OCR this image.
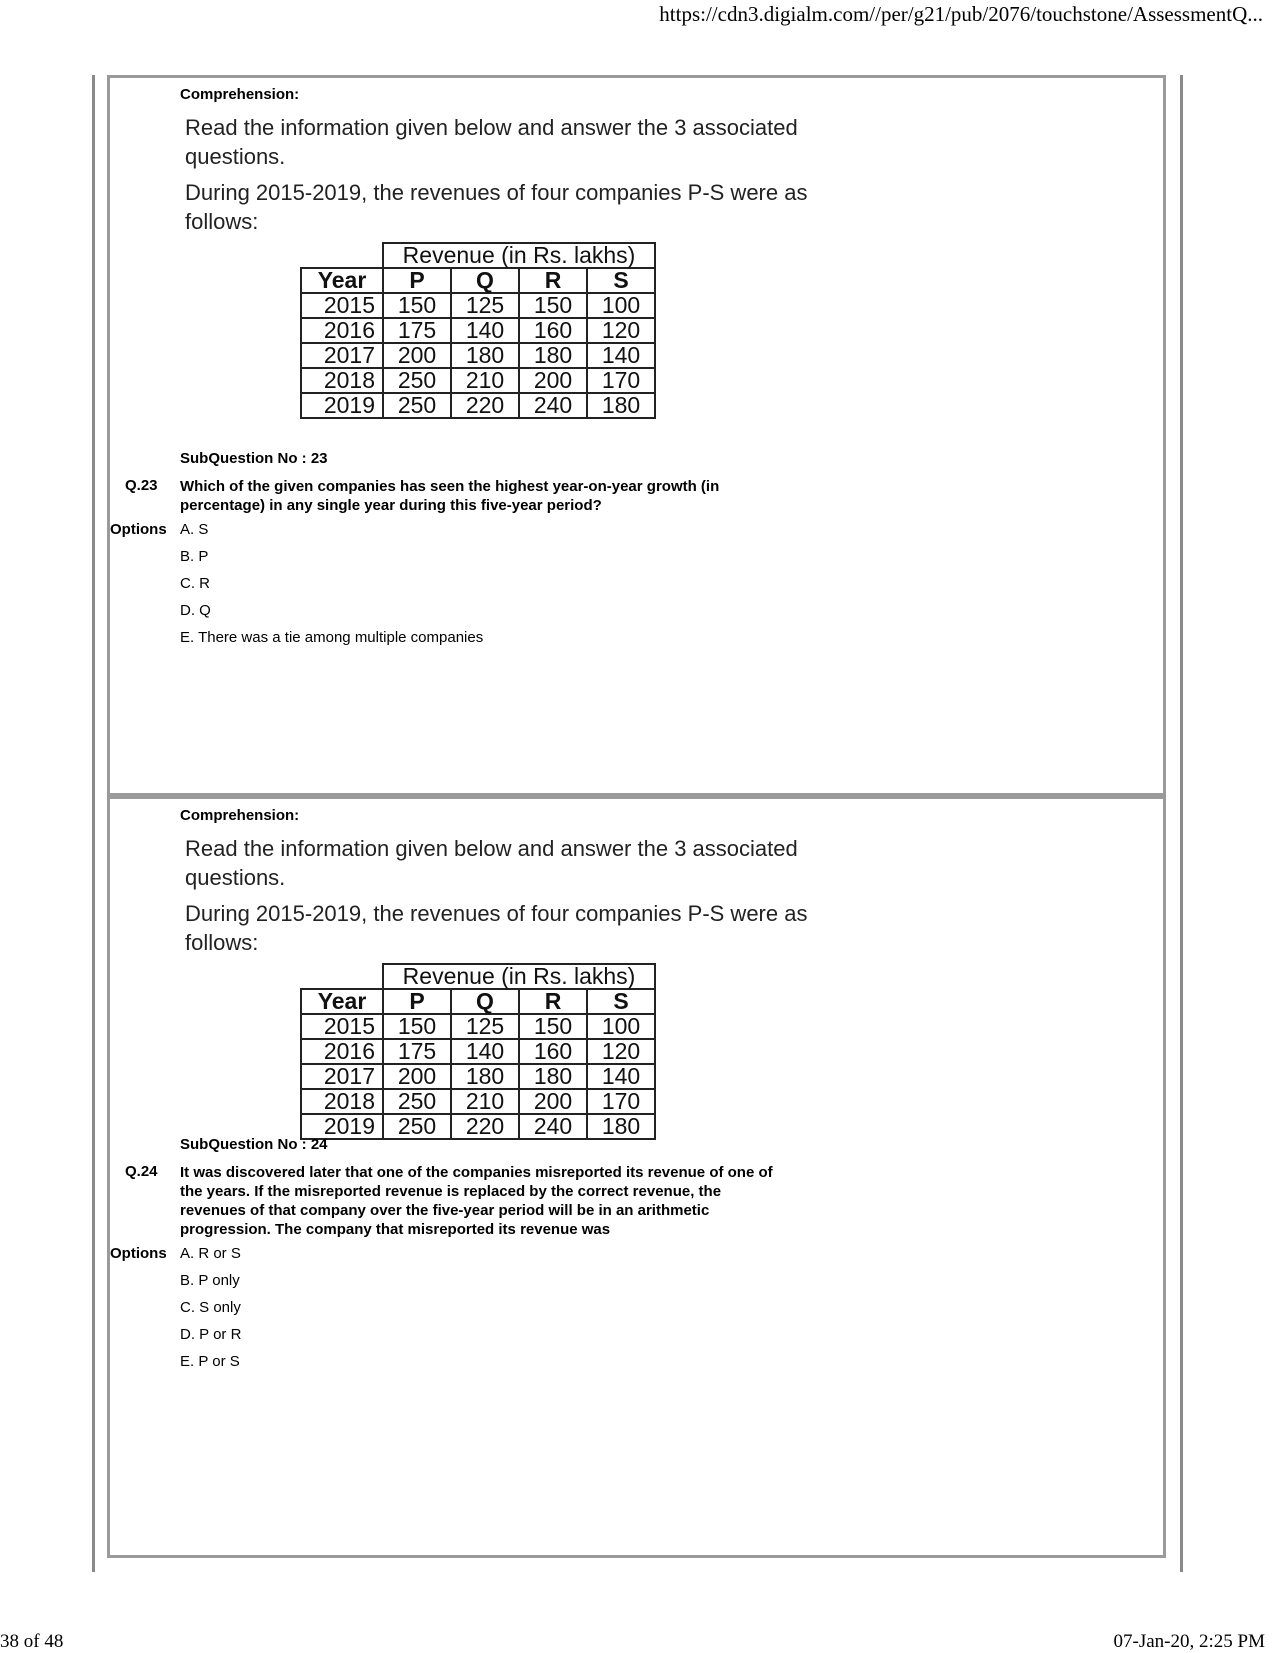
https://cdn3.digialm.com//per/g21/pub/2076/touchstone/AssessmentQ...
Comprehension:
Read the information given below and answer the 3 associated
questions.
During 2015-2019, the revenues of four companies P-S were as
follows:
	Revenue (in Rs. lakhs)			
Year	P	Q	R	S
2015	150	125	150	100
2016	175	140	160	120
2017	200	180	180	140
2018	250	210	200	170
2019	250	220	240	180
SubQuestion No : 23
Q.23 Which of the given companies has seen the highest year-on-year growth (in
percentage) in any single year during this five-year period?
Options A. S
B. P
C. R
D. Q
E. There was a tie among multiple companies
Comprehension:
Read the information given below and answer the 3 associated
questions.
During 2015-2019, the revenues of four companies P-S were as
follows:
	Revenue (in Rs. lakhs)			
Year	P	Q	R	S
2015	150	125	150	100
2016	175	140	160	120
2017	200	180	180	140
2018	250	210	200	170
2019	250	220	240	180
SubQuestion No : 24
Q.24 It was discovered later that one of the companies misreported its revenue of one of
the years. If the misreported revenue is replaced by the correct revenue, the
revenues of that company over the five-year period will be in an arithmetic
progression. The company that misreported its revenue was
Options A. R or S
B. P only
C. S only
D. P or R
E. P or S
38 of 48	07-Jan-20, 2:25 PM
